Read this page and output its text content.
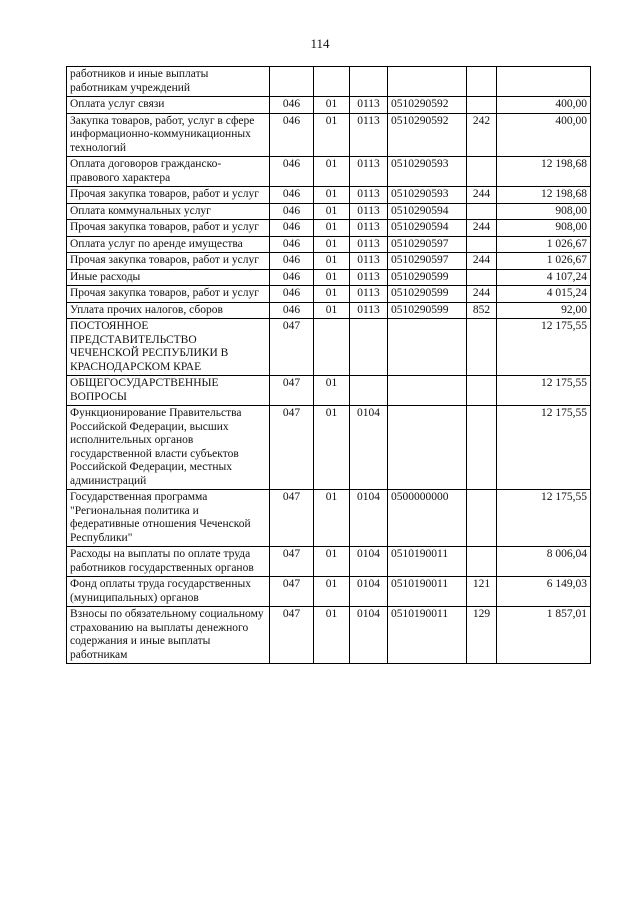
114
работников и иные выплаты работникам учреждений						
Оплата услуг связи	046	01	0113	0510290592		400,00
Закупка товаров, работ, услуг в сфере информационно-коммуникационных технологий	046	01	0113	0510290592	242	400,00
Оплата договоров гражданско-правового характера	046	01	0113	0510290593		12 198,68
Прочая закупка товаров, работ и услуг	046	01	0113	0510290593	244	12 198,68
Оплата коммунальных услуг	046	01	0113	0510290594		908,00
Прочая закупка товаров, работ и услуг	046	01	0113	0510290594	244	908,00
Оплата услуг по аренде имущества	046	01	0113	0510290597		1 026,67
Прочая закупка товаров, работ и услуг	046	01	0113	0510290597	244	1 026,67
Иные расходы	046	01	0113	0510290599		4 107,24
Прочая закупка товаров, работ и услуг	046	01	0113	0510290599	244	4 015,24
Уплата прочих налогов, сборов	046	01	0113	0510290599	852	92,00
ПОСТОЯННОЕ ПРЕДСТАВИТЕЛЬСТВО ЧЕЧЕНСКОЙ РЕСПУБЛИКИ В КРАСНОДАРСКОМ КРАЕ	047					12 175,55
ОБЩЕГОСУДАРСТВЕННЫЕ ВОПРОСЫ	047	01				12 175,55
Функционирование Правительства Российской Федерации, высших исполнительных органов государственной власти субъектов Российской Федерации, местных администраций	047	01	0104			12 175,55
Государственная программа "Региональная политика и федеративные отношения Чеченской Республики"	047	01	0104	0500000000		12 175,55
Расходы на выплаты по оплате труда работников государственных органов	047	01	0104	0510190011		8 006,04
Фонд оплаты труда государственных (муниципальных) органов	047	01	0104	0510190011	121	6 149,03
Взносы по обязательному социальному страхованию на выплаты денежного содержания и иные выплаты работникам	047	01	0104	0510190011	129	1 857,01
